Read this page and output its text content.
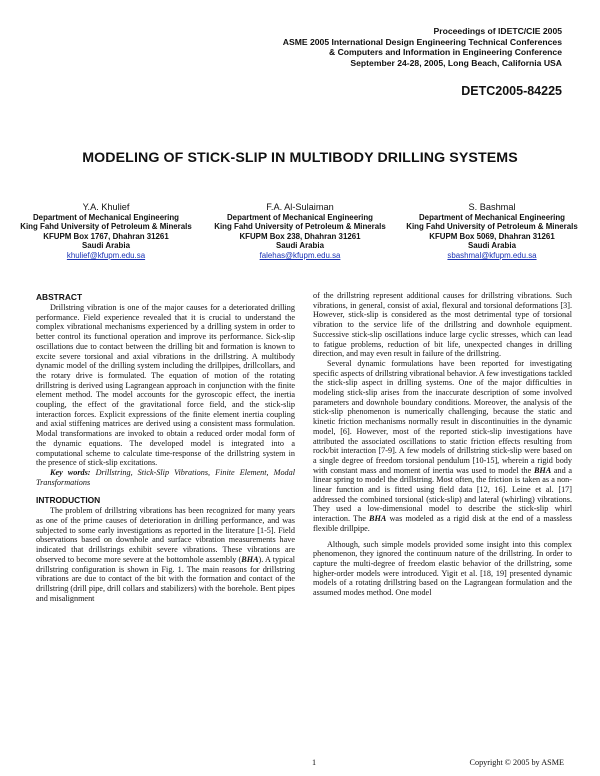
Proceedings of IDETC/CIE 2005
ASME 2005 International Design Engineering Technical Conferences
& Computers and Information in Engineering Conference
September 24-28, 2005, Long Beach, California USA
DETC2005-84225
MODELING OF STICK-SLIP IN MULTIBODY DRILLING SYSTEMS
Y.A. Khulief
Department of Mechanical Engineering
King Fahd University of Petroleum & Minerals
KFUPM Box 1767, Dhahran 31261
Saudi Arabia
khulief@kfupm.edu.sa
F.A. Al-Sulaiman
Department of Mechanical Engineering
King Fahd University of Petroleum & Minerals
KFUPM Box 238, Dhahran 31261
Saudi Arabia
falehas@kfupm.edu.sa
S. Bashmal
Department of Mechanical Engineering
King Fahd University of Petroleum & Minerals
KFUPM Box 5069, Dhahran 31261
Saudi Arabia
sbashmal@kfupm.edu.sa
ABSTRACT

Drillstring vibration is one of the major causes for a deteriorated drilling performance. Field experience revealed that it is crucial to understand the complex vibrational mechanisms experienced by a drilling system in order to better control its functional operation and improve its performance. Sick-slip oscillations due to contact between the drilling bit and formation is known to excite severe torsional and axial vibrations in the drillstring. A multibody dynamic model of the drilling system including the drillpipes, drillcollars, and the rotary drive is formulated. The equation of motion of the rotating drillstring is derived using Lagrangean approach in conjunction with the finite element method. The model accounts for the gyroscopic effect, the inertia coupling, the effect of the gravitational force field, and the stick-slip interaction forces. Explicit expressions of the finite element inertia coupling and axial stiffening matrices are derived using a consistent mass formulation. Modal transformations are invoked to obtain a reduced order modal form of the dynamic equations. The developed model is integrated into a computational scheme to calculate time-response of the drillstring system in the presence of stick-slip excitations.

Key words: Drillstring, Stick-Slip Vibrations, Finite Element, Modal Transformations

INTRODUCTION

The problem of drillstring vibrations has been recognized for many years as one of the prime causes of deterioration in drilling performance, and was subjected to some early investigations as reported in the literature [1-5]. Field observations based on downhole and surface vibration measurements have indicated that drillstrings exhibit severe vibrations. These vibrations are observed to become more severe at the bottomhole assembly (BHA). A typical drillstring configuration is shown in Fig. 1. The main reasons for drillstring vibrations are due to contact of the bit with the formation and contact of the drillstring (drill pipe, drill collars and stabilizers) with the borehole. Bent pipes and misalignment

of the drillstring represent additional causes for drillstring vibrations. Such vibrations, in general, consist of axial, flexural and torsional deformations [3]. However, stick-slip is considered as the most detrimental type of torsional vibration to the service life of the drillstring and downhole equipment. Successive stick-slip oscillations induce large cyclic stresses, which can lead to fatigue problems, reduction of bit life, unexpected changes in drilling direction, and may even result in failure of the drillstring.

Several dynamic formulations have been reported for investigating specific aspects of drillstring vibrational behavior. A few investigations tackled the stick-slip aspect in drilling systems. One of the major difficulties in modeling stick-slip arises from the inaccurate description of some involved parameters and downhole boundary conditions. Moreover, the analysis of the stick-slip phenomenon is numerically challenging, because the static and kinetic friction mechanisms normally result in discontinuities in the dynamic model, [6]. However, most of the reported stick-slip investigations have attributed the associated oscillations to static friction effects resulting from rock/bit interaction [7-9]. A few models of drillstring stick-slip were based on a single degree of freedom torsional pendulum [10-15], wherein a rigid body with constant mass and moment of inertia was used to model the BHA and a linear spring to model the drillstring. Most often, the friction is taken as a non-linear function and is fitted using field data [12, 16]. Leine et al. [17] addressed the combined torsional (stick-slip) and lateral (whirling) vibrations. They used a low-dimensional model to describe the stick-slip whirl interaction. The BHA was modeled as a rigid disk at the end of a massless flexible drillpipe.

Although, such simple models provided some insight into this complex phenomenon, they ignored the continuum nature of the drillstring. In order to capture the multi-degree of freedom elastic behavior of the drillstring, some higher-order models were introduced. Yigit et al. [18, 19] presented dynamic models of a rotating drillstring based on the Lagrangean formulation and the assumed modes method. One model

1	Copyright © 2005 by ASME
